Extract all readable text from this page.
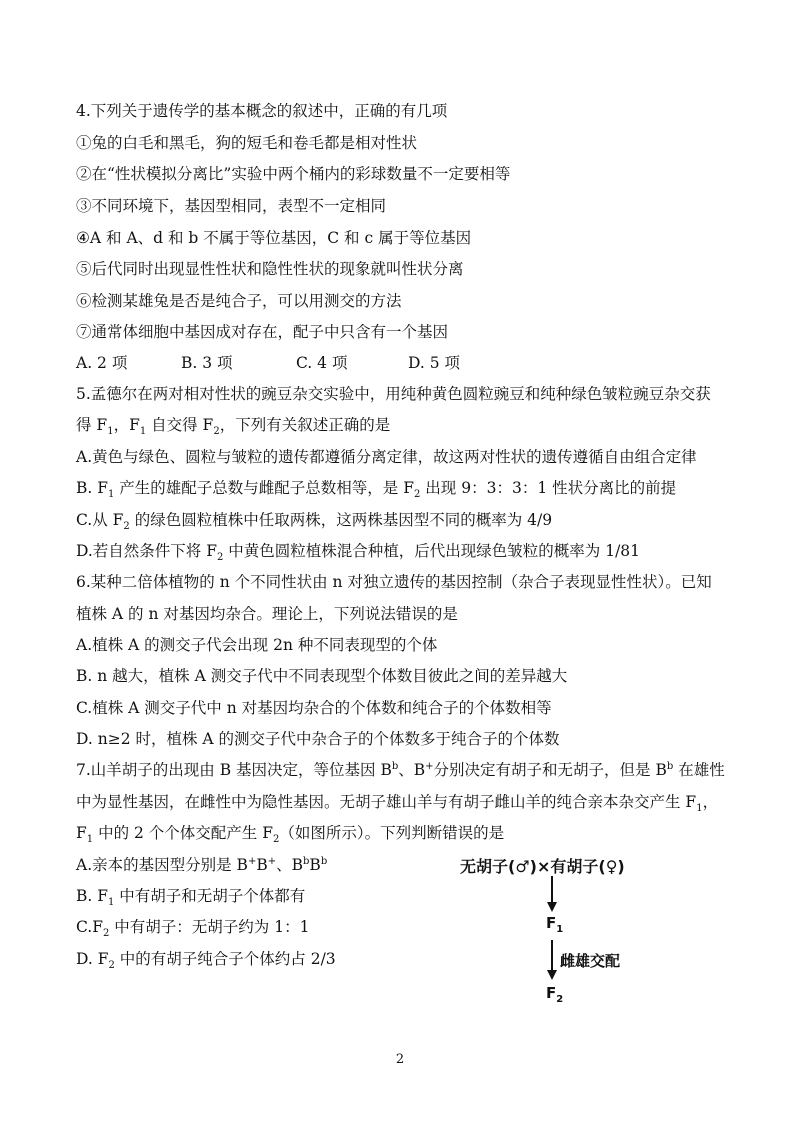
4.下列关于遗传学的基本概念的叙述中，正确的有几项
①兔的白毛和黑毛，狗的短毛和卷毛都是相对性状
②在“性状模拟分离比”实验中两个桶内的彩球数量不一定要相等
③不同环境下，基因型相同，表型不一定相同
④A 和 A、d 和 b 不属于等位基因，C 和 c 属于等位基因
⑤后代同时出现显性性状和隐性性状的现象就叫性状分离
⑥检测某雄兔是否是纯合子，可以用测交的方法
⑦通常体细胞中基因成对存在，配子中只含有一个基因
A. 2 项	B. 3 项	C. 4 项	D. 5 项
5.孟德尔在两对相对性状的豌豆杂交实验中，用纯种黄色圆粒豌豆和纯种绿色皱粒豌豆杂交获
得 $F_1$，$F_1$ 自交得 $F_2$，下列有关叙述正确的是
A.黄色与绿色、圆粒与皱粒的遗传都遵循分离定律，故这两对性状的遗传遵循自由组合定律
B. $F_1$ 产生的雄配子总数与雌配子总数相等，是 $F_2$ 出现 9：3：3：1 性状分离比的前提
C.从 $F_2$ 的绿色圆粒植株中任取两株，这两株基因型不同的概率为 4/9
D.若自然条件下将 $F_2$ 中黄色圆粒植株混合种植，后代出现绿色皱粒的概率为 1/81
6.某种二倍体植物的 n 个不同性状由 n 对独立遗传的基因控制（杂合子表现显性性状）。已知
植株 A 的 n 对基因均杂合。理论上，下列说法错误的是
A.植株 A 的测交子代会出现 2n 种不同表现型的个体
B. n 越大，植株 A 测交子代中不同表现型个体数目彼此之间的差异越大
C.植株 A 测交子代中 n 对基因均杂合的个体数和纯合子的个体数相等
D. n≥2 时，植株 A 的测交子代中杂合子的个体数多于纯合子的个体数
7.山羊胡子的出现由 B 基因决定，等位基因 $B^b$、B+分别决定有胡子和无胡子，但是 $B^b$ 在雄性
中为显性基因，在雌性中为隐性基因。无胡子雄山羊与有胡子雌山羊的纯合亲本杂交产生 $F_1$，
$F_1$ 中的 2 个个体交配产生 $F_2$（如图所示）。下列判断错误的是
A.亲本的基因型分别是 B+B+、$B^bB^b$
B. $F_1$ 中有胡子和无胡子个体都有
$C.F_2$ 中有胡子：无胡子约为 1：1
D. $F_2$ 中的有胡子纯合子个体约占 2/3
无胡子(♂)×有胡子(♀)
$F_1$
雌雄交配
$F_2$
2
